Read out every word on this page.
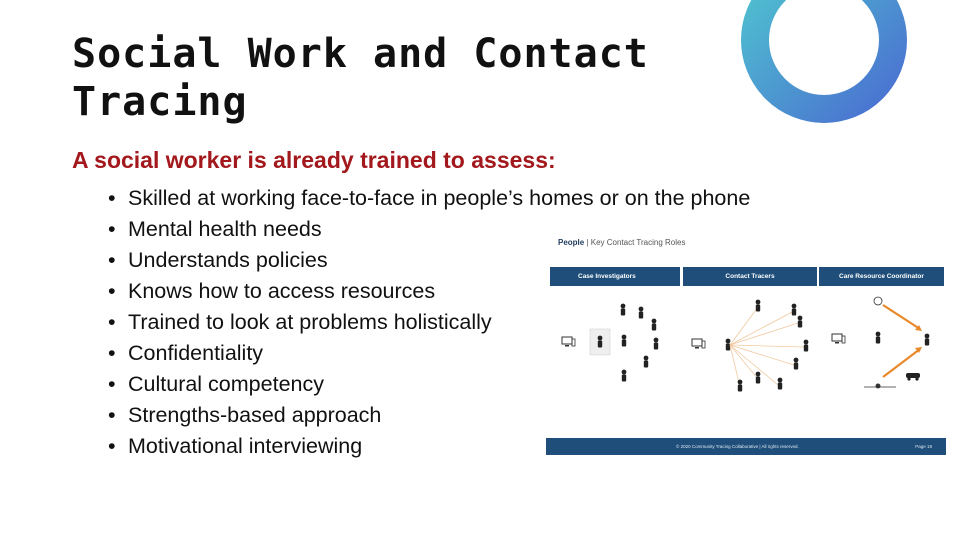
Social Work and Contact
Tracing
A social worker is already trained to assess:
• Skilled at working face-to-face in people’s homes or on the phone
• Mental health needs
• Understands policies
• Knows how to access resources
• Trained to look at problems holistically
• Confidentiality
• Cultural competency
• Strengths-based approach
• Motivational interviewing
People | Key Contact Tracing Roles
Case Investigators	Contact Tracers	Care Resource Coordinator
© 2020 Community Tracing Collaborative | All rights reserved.	Page 19
